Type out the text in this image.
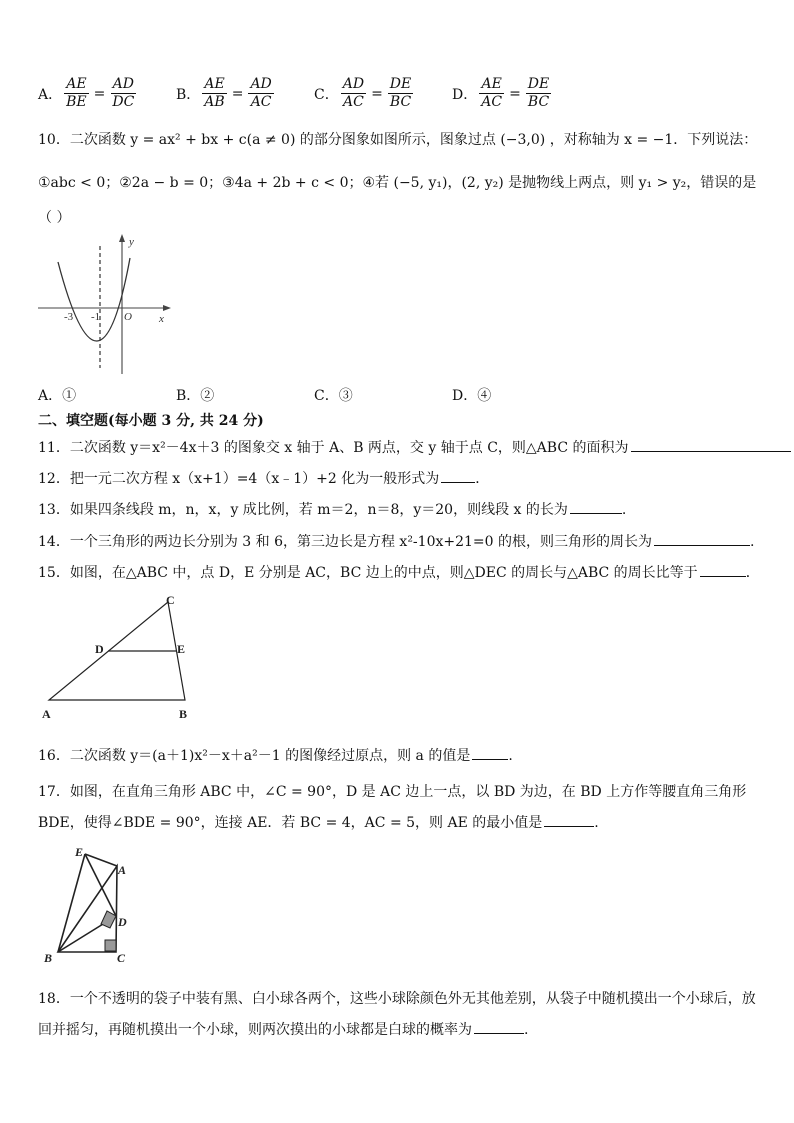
A． $\frac{AE}{BE} = \frac{AD}{DC}$	B． $\frac{AE}{AB} = \frac{AD}{AC}$	C． $\frac{AD}{AC} = \frac{DE}{BC}$	D． $\frac{AE}{AC} = \frac{DE}{BC}$
10．二次函数 y = ax² + bx + c(a ≠ 0) 的部分图象如图所示，图象过点 (−3,0) ，对称轴为 x = −1．下列说法：
①abc < 0；②2a − b = 0；③4a + 2b + c < 0；④若 (−5, y₁)，(2, y₂) 是抛物线上两点，则 y₁ > y₂，错误的是
（ ）
y
x
O
-3 -1
A．①	B．②	C．③	D．④
二、填空题(每小题 3 分, 共 24 分)
11．二次函数 y＝x²－4x＋3 的图象交 x 轴于 A、B 两点，交 y 轴于点 C，则△ABC 的面积为
12．把一元二次方程 x（x+1）=4（x﹣1）+2 化为一般形式为	．
13．如果四条线段 m，n，x，y 成比例，若 m＝2，n＝8，y＝20，则线段 x 的长为	.
14．一个三角形的两边长分别为 3 和 6，第三边长是方程 x²-10x+21=0 的根，则三角形的周长为	.
15．如图，在△ABC 中，点 D，E 分别是 AC，BC 边上的中点，则△DEC 的周长与△ABC 的周长比等于	．
A	B
C
D	E
16．二次函数 y＝(a＋1)x²－x＋a²－1 的图像经过原点，则 a 的值是	.
17．如图，在直角三角形 ABC 中，∠C = 90°，D 是 AC 边上一点，以 BD 为边，在 BD 上方作等腰直角三角形
BDE，使得∠BDE = 90°，连接 AE．若 BC = 4，AC = 5，则 AE 的最小值是	.
E
A
D
B	C
18．一个不透明的袋子中装有黑、白小球各两个，这些小球除颜色外无其他差别，从袋子中随机摸出一个小球后，放
回并摇匀，再随机摸出一个小球，则两次摸出的小球都是白球的概率为	.
